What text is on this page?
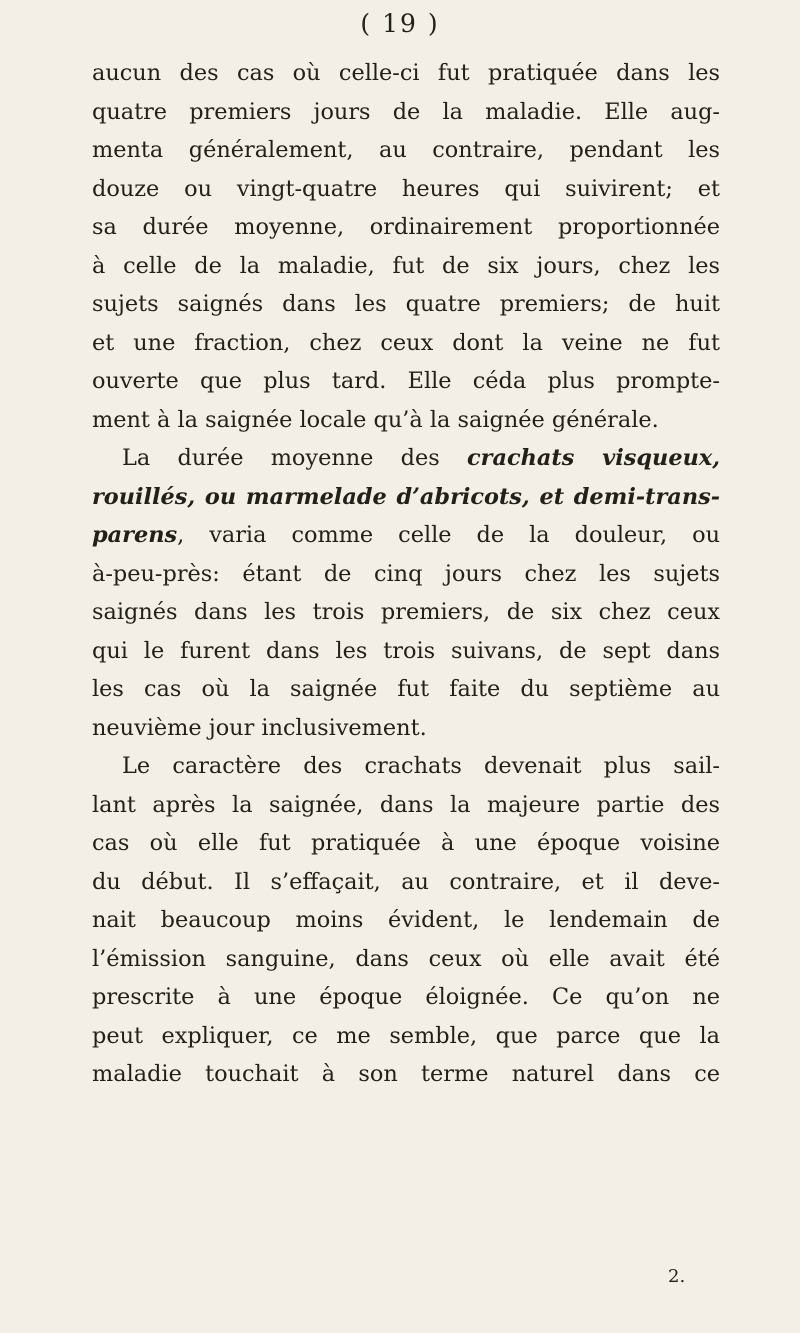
( 19 )
aucun des cas où celle-ci fut pratiquée dans les
quatre premiers jours de la maladie. Elle aug-
menta généralement, au contraire, pendant les
douze ou vingt-quatre heures qui suivirent; et
sa durée moyenne, ordinairement proportionnée
à celle de la maladie, fut de six jours, chez les
sujets saignés dans les quatre premiers; de huit
et une fraction, chez ceux dont la veine ne fut
ouverte que plus tard. Elle céda plus prompte-
ment à la saignée locale qu’à la saignée générale.
La durée moyenne des crachats visqueux,
rouillés, ou marmelade d’abricots, et demi-trans-
parens, varia comme celle de la douleur, ou
à-peu-près: étant de cinq jours chez les sujets
saignés dans les trois premiers, de six chez ceux
qui le furent dans les trois suivans, de sept dans
les cas où la saignée fut faite du septième au
neuvième jour inclusivement.
Le caractère des crachats devenait plus sail-
lant après la saignée, dans la majeure partie des
cas où elle fut pratiquée à une époque voisine
du début. Il s’effaçait, au contraire, et il deve-
nait beaucoup moins évident, le lendemain de
l’émission sanguine, dans ceux où elle avait été
prescrite à une époque éloignée. Ce qu’on ne
peut expliquer, ce me semble, que parce que la
maladie touchait à son terme naturel dans ce
2.
